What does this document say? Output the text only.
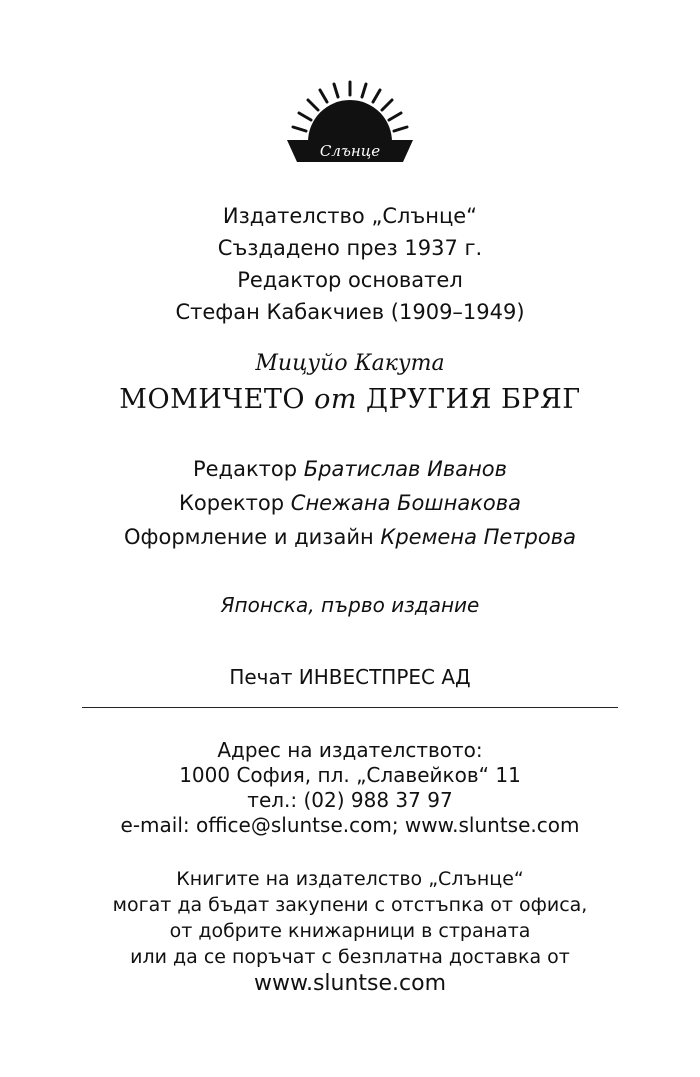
Слънце
Издателство „Слънце“
Създадено през 1937 г.
Редактор основател
Стефан Кабакчиев (1909–1949)
Мицуйо Какута
МОМИЧЕТО от ДРУГИЯ БРЯГ
Редактор Братислав Иванов
Коректор Снежана Бошнакова
Оформление и дизайн Кремена Петрова
Японска, първо издание
Печат ИНВЕСТПРЕС АД
Адрес на издателството:
1000 София, пл. „Славейков“ 11
тел.: (02) 988 37 97
e-mail: office@sluntse.com; www.sluntse.com
Книгите на издателство „Слънце“
могат да бъдат закупени с отстъпка от офиса,
от добрите книжарници в страната
или да се поръчат с безплатна доставка от
www.sluntse.com
